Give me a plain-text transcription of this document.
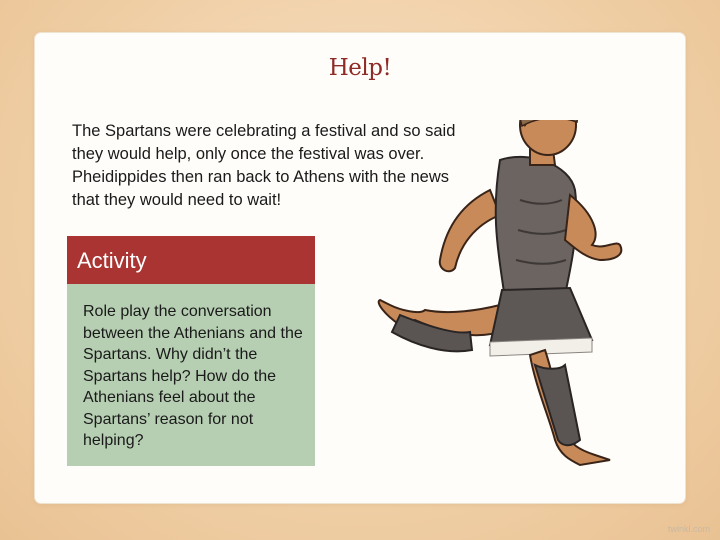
Help!
The Spartans were celebrating a festival and so said they would help, only once the festival was over. Pheidippides then ran back to Athens with the news that they would need to wait!
Activity
Role play the conversation between the Athenians and the Spartans. Why didn’t the Spartans help? How do the Athenians feel about the Spartans’ reason for not helping?
twinkl.com
